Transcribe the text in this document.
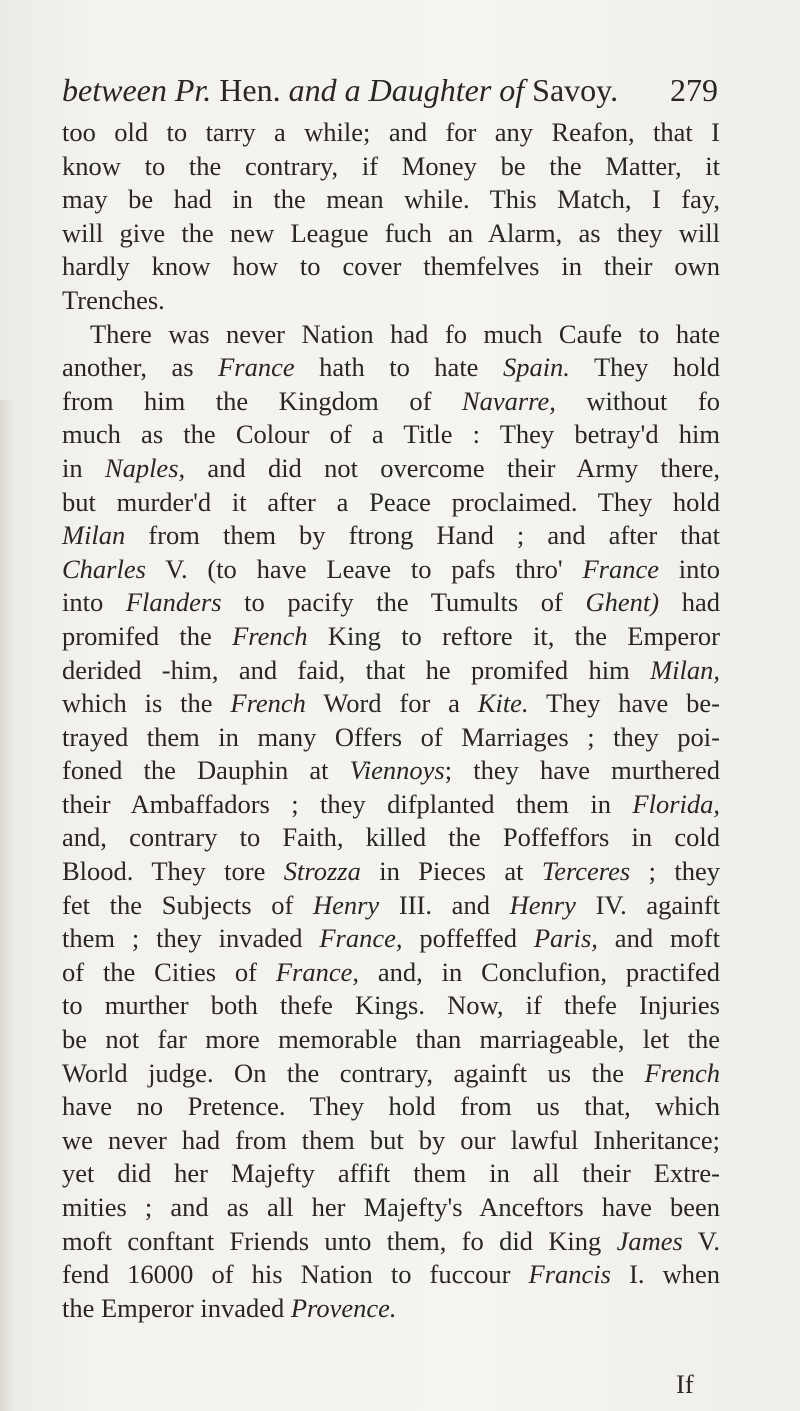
between Pr. Hen. and a Daughter of Savoy. 279
too old to tarry a while; and for any Reafon, that I
know to the contrary, if Money be the Matter, it
may be had in the mean while. This Match, I fay,
will give the new League fuch an Alarm, as they will
hardly know how to cover themfelves in their own
Trenches.
There was never Nation had fo much Caufe to hate
another, as France hath to hate Spain. They hold
from him the Kingdom of Navarre, without fo
much as the Colour of a Title : They betray'd him
in Naples, and did not overcome their Army there,
but murder'd it after a Peace proclaimed. They hold
Milan from them by ftrong Hand ; and after that
Charles V. (to have Leave to pafs thro' France into
into Flanders to pacify the Tumults of Ghent) had
promifed the French King to reftore it, the Emperor
derided -him, and faid, that he promifed him Milan,
which is the French Word for a Kite. They have be-
trayed them in many Offers of Marriages ; they poi-
foned the Dauphin at Viennoys; they have murthered
their Ambaffadors ; they difplanted them in Florida,
and, contrary to Faith, killed the Poffeffors in cold
Blood. They tore Strozza in Pieces at Terceres ; they
fet the Subjects of Henry III. and Henry IV. againft
them ; they invaded France, poffeffed Paris, and moft
of the Cities of France, and, in Conclufion, practifed
to murther both thefe Kings. Now, if thefe Injuries
be not far more memorable than marriageable, let the
World judge. On the contrary, againft us the French
have no Pretence. They hold from us that, which
we never had from them but by our lawful Inheritance;
yet did her Majefty affift them in all their Extre-
mities ; and as all her Majefty's Anceftors have been
moft conftant Friends unto them, fo did King James V.
fend 16000 of his Nation to fuccour Francis I. when
the Emperor invaded Provence.
If
